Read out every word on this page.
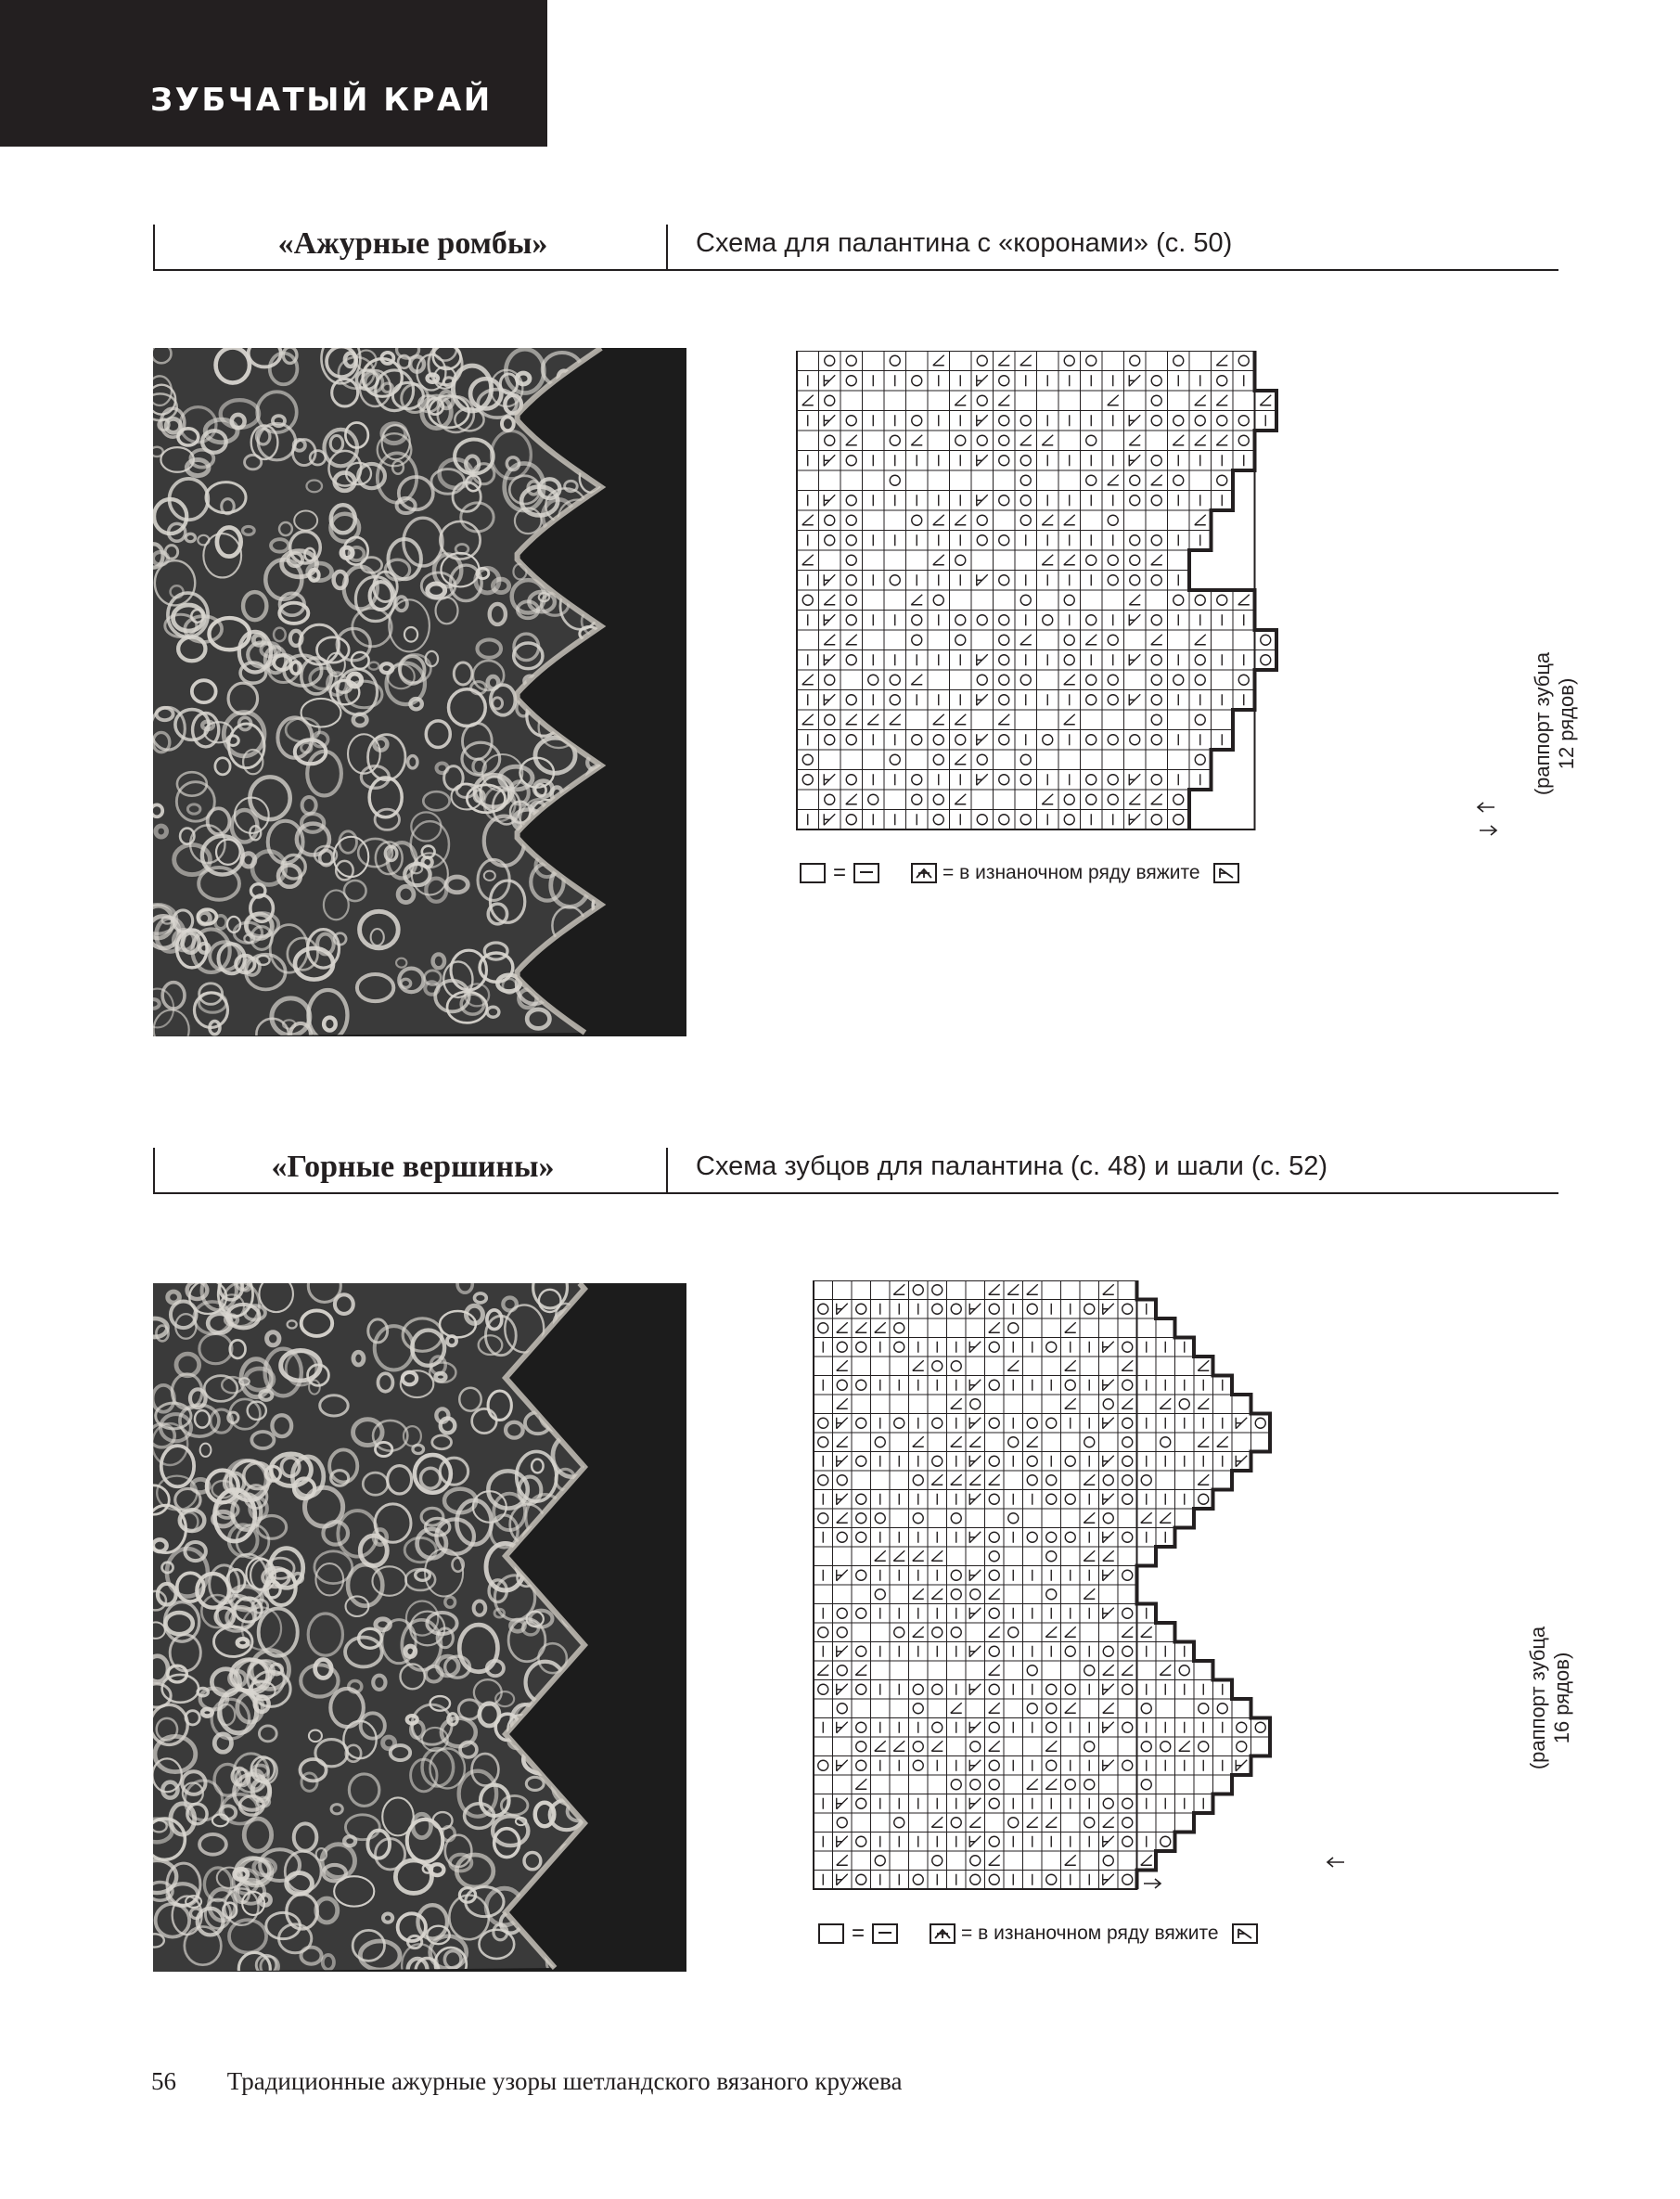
ЗУБЧАТЫЙ КРАЙ
«Ажурные ромбы»	Схема для палантина с «коронами» (с. 50)
(раппорт зубца 12 рядов)
=	= в изнаночном ряду вяжите
«Горные вершины»	Схема зубцов для палантина (с. 48) и шали (с. 52)
(раппорт зубца 16 рядов)
=	= в изнаночном ряду вяжите
56 Традиционные ажурные узоры шетландского вязаного кружева
